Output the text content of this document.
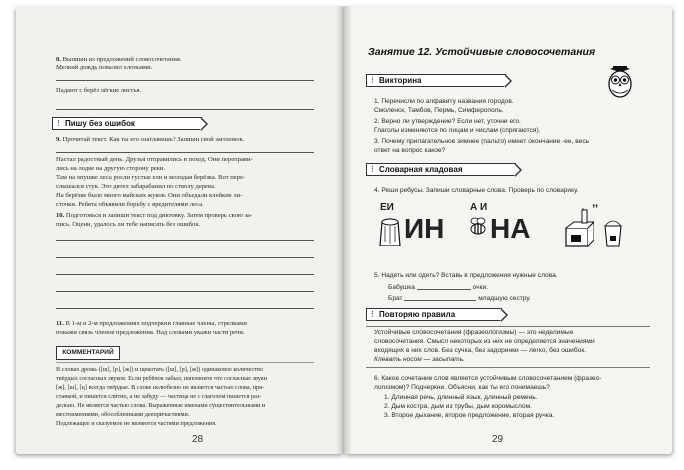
8. Выпиши из предложений словосочетания.
Мелкий дождь повалил хлопьями.
Падают с берёз лёгкие листья.
⋮ Пишу без ошибок
9. Прочитай текст. Как ты его озаглавишь? Запиши свой заголовок.
Настал радостный день. Друзья отправились в поход. Они переправи-
лись на лодке на другую сторону реки.
Там на опушке леса росли густые ели и молодая берёзка. Вот пере-
слышался стук. Это дятел забарабанил по стволу дерева.
На берёзке было много майских жуков. Они объедали клейкие ли-
сточки. Ребята объявили борьбу с вредителями леса.
10. Подготовься и запиши текст под диктовку. Затем проверь свою за-
пись. Оцени, удалось ли тебе написать без ошибок.
11. В 1-м и 2-м предложениях подчеркни главные члены, стрелками
покажи связь членов предложения. Над словами укажи части речи.
КОММЕНТАРИЙ
В словах дрожь ([ш], [р], [ж]) и щекотать ([ш], [р], [ж]) одинаковое количество
твёрдых согласных звуков. Если ребёнок забыл, напомните что согласные звуки
[ж], [ш], [ц] всегда твёрдые. В слове нелюбезно не является частью слова, при-
ставкой, и пишется слитно, а не забуду — частица не с глаголом пишется раз-
дельно. Не является частью слова. Выраженные именами существительными и
местоимениями, обособленными деепричастиями.
Подлежащее и сказуемое не являются частями предложения.
28
Занятие 12. Устойчивые словосочетания
⋮ Викторина
1. Перечисли по алфавиту названия городов.
Смоленск, Тамбов, Пермь, Симферополь.
2. Верно ли утверждение? Если нет, уточни его.
Глаголы изменяются по лицам и числам (спрягаются).
3. Почему прилагательное зимнее (пальто) имеет окончание -ее, весь
ответ на вопрос какое?
⋮ Словарная кладовая
4. Реши ребусы. Запиши словарные слова. Проверь по словарику.
ЕИ
ИН
А И
НА
’’
5. Надеть или одеть? Вставь в предложения нужные слова.
Бабушка	очки.
Брат	младшую сестру.
⋮ Повторяю правила
Устойчивые словосочетания (фразеологизмы) — это неделимые
словосочетания. Смысл некоторых из них не определяется значениями
входящих в них слов. Без сучка, без задоринки — легко, без ошибок.
Клевать носом — засыпать.
6. Какое сочетание слов является устойчивым словосочетанием (фразео-
логизмом)? Подчеркни. Объясни, как ты его понимаешь?
1. Длинная речь, длинный язык, длинный ремень.
2. Дым костра, дым из трубы, дым коромыслом.
3. Второе дыхание, второе предложение, вторая ручка.
29
